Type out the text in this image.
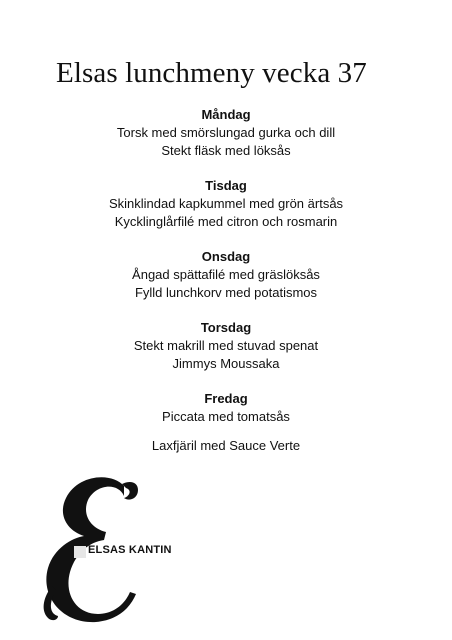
Elsas lunchmeny vecka 37
Måndag
Torsk med smörslungad gurka och dill
Stekt fläsk med löksås
Tisdag
Skinklindad kapkummel med grön ärtsås
Kycklinglårfilé med citron och rosmarin
Onsdag
Ångad spättafilé med gräslöksås
Fylld lunchkorv med potatismos
Torsdag
Stekt makrill med stuvad spenat
Jimmys Moussaka
Fredag
Piccata med tomatsås
Laxfjäril med Sauce Verte
ELSAS KANTIN
